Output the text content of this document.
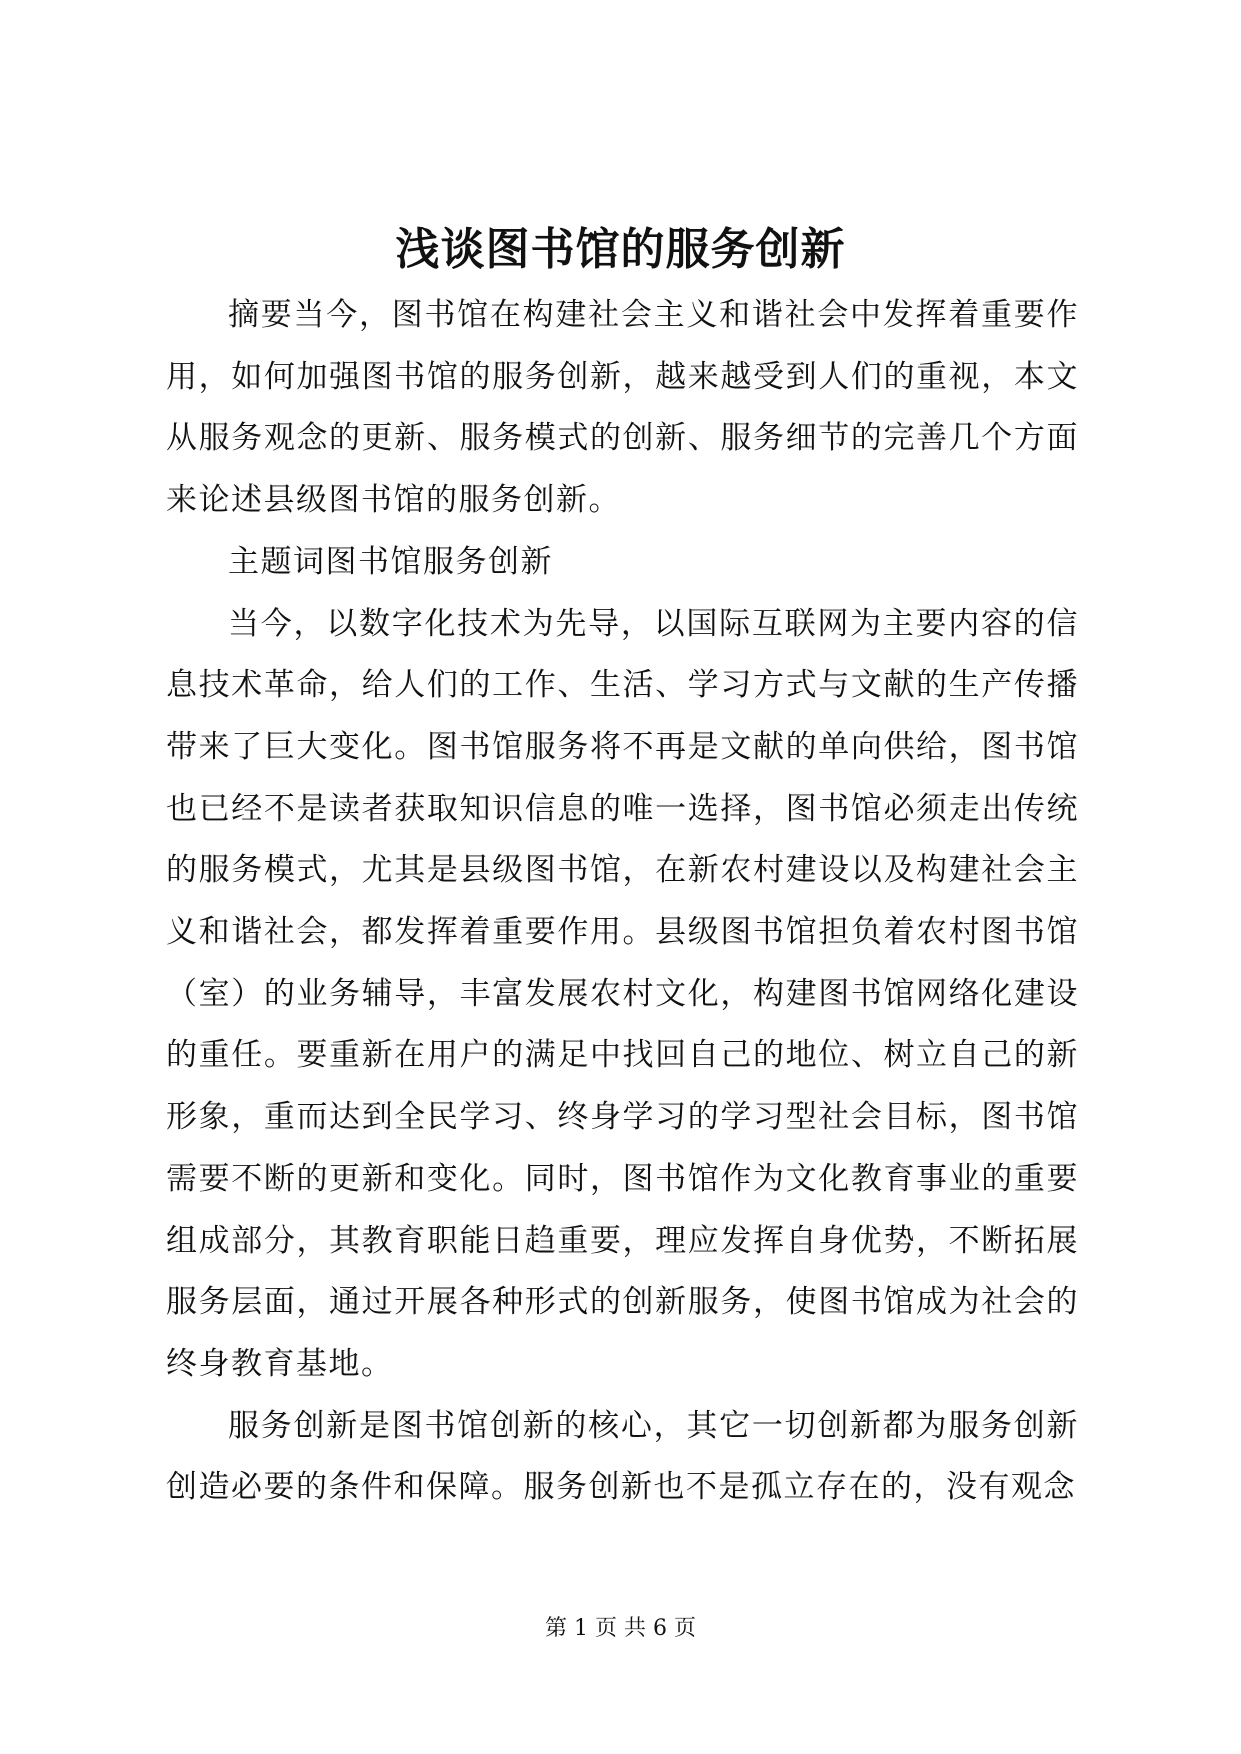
浅谈图书馆的服务创新

摘要当今，图书馆在构建社会主义和谐社会中发挥着重要作用，如何加强图书馆的服务创新，越来越受到人们的重视，本文从服务观念的更新、服务模式的创新、服务细节的完善几个方面来论述县级图书馆的服务创新。

主题词图书馆服务创新

当今，以数字化技术为先导，以国际互联网为主要内容的信息技术革命，给人们的工作、生活、学习方式与文献的生产传播带来了巨大变化。图书馆服务将不再是文献的单向供给，图书馆也已经不是读者获取知识信息的唯一选择，图书馆必须走出传统的服务模式，尤其是县级图书馆，在新农村建设以及构建社会主义和谐社会，都发挥着重要作用。县级图书馆担负着农村图书馆（室）的业务辅导，丰富发展农村文化，构建图书馆网络化建设的重任。要重新在用户的满足中找回自己的地位、树立自己的新形象，重而达到全民学习、终身学习的学习型社会目标，图书馆需要不断的更新和变化。同时，图书馆作为文化教育事业的重要组成部分，其教育职能日趋重要，理应发挥自身优势，不断拓展服务层面，通过开展各种形式的创新服务，使图书馆成为社会的终身教育基地。

服务创新是图书馆创新的核心，其它一切创新都为服务创新创造必要的条件和保障。服务创新也不是孤立存在的，没有观念

第 1 页 共 6 页
